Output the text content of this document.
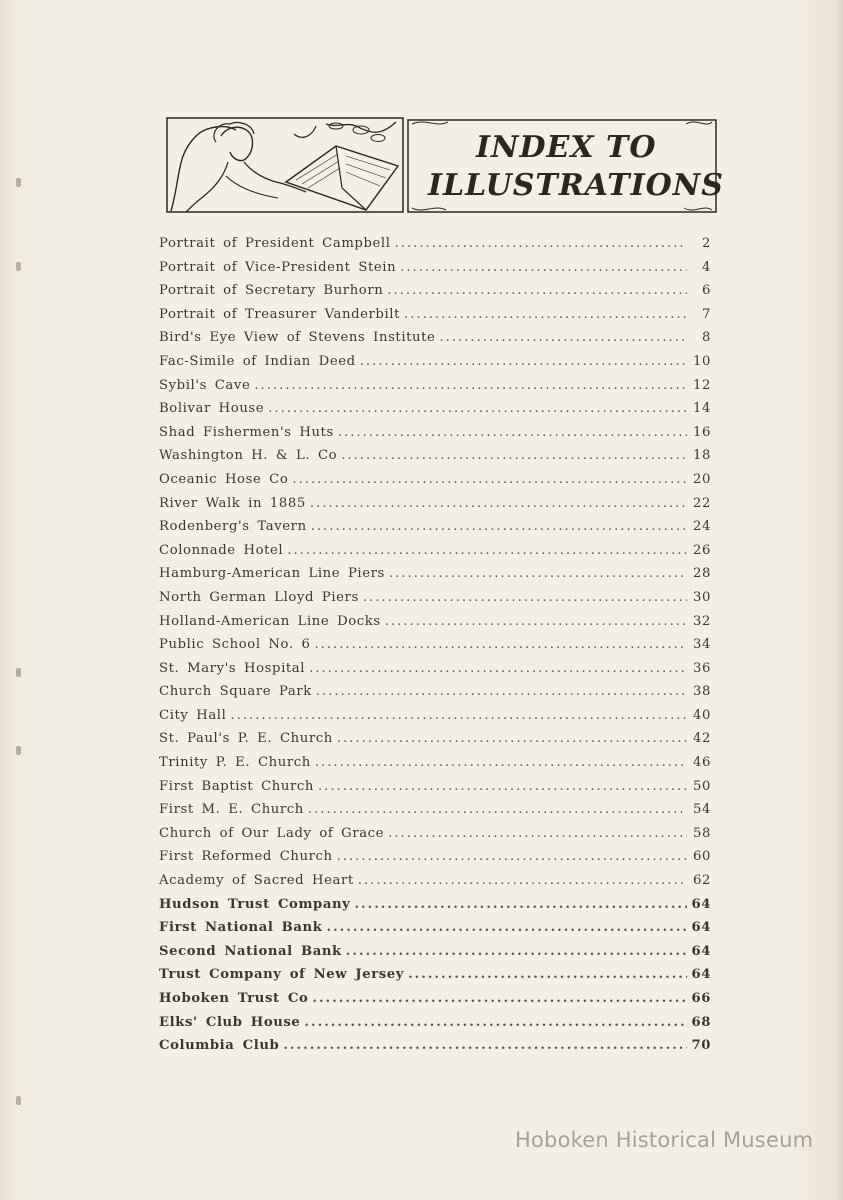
INDEX TO
ILLUSTRATIONS
Portrait of President Campbell .....	2
Portrait of Vice-President Stein .....	4
Portrait of Secretary Burhorn .....	6
Portrait of Treasurer Vanderbilt .....	7
Bird's Eye View of Stevens Institute .....	8
Fac-Simile of Indian Deed .....	10
Sybil's Cave .....	12
Bolivar House .....	14
Shad Fishermen's Huts .....	16
Washington H. & L. Co .....	18
Oceanic Hose Co .....	20
River Walk in 1885 .....	22
Rodenberg's Tavern .....	24
Colonnade Hotel .....	26
Hamburg-American Line Piers .....	28
North German Lloyd Piers .....	30
Holland-American Line Docks .....	32
Public School No. 6 .....	34
St. Mary's Hospital .....	36
Church Square Park .....	38
City Hall .....	40
St. Paul's P. E. Church .....	42
Trinity P. E. Church .....	46
First Baptist Church .....	50
First M. E. Church .....	54
Church of Our Lady of Grace .....	58
First Reformed Church .....	60
Academy of Sacred Heart .....	62
Hudson Trust Company .....	64
First National Bank .....	64
Second National Bank .....	64
Trust Company of New Jersey .....	64
Hoboken Trust Co .....	66
Elks' Club House .....	68
Columbia Club .....	70
Hoboken Historical Museum
